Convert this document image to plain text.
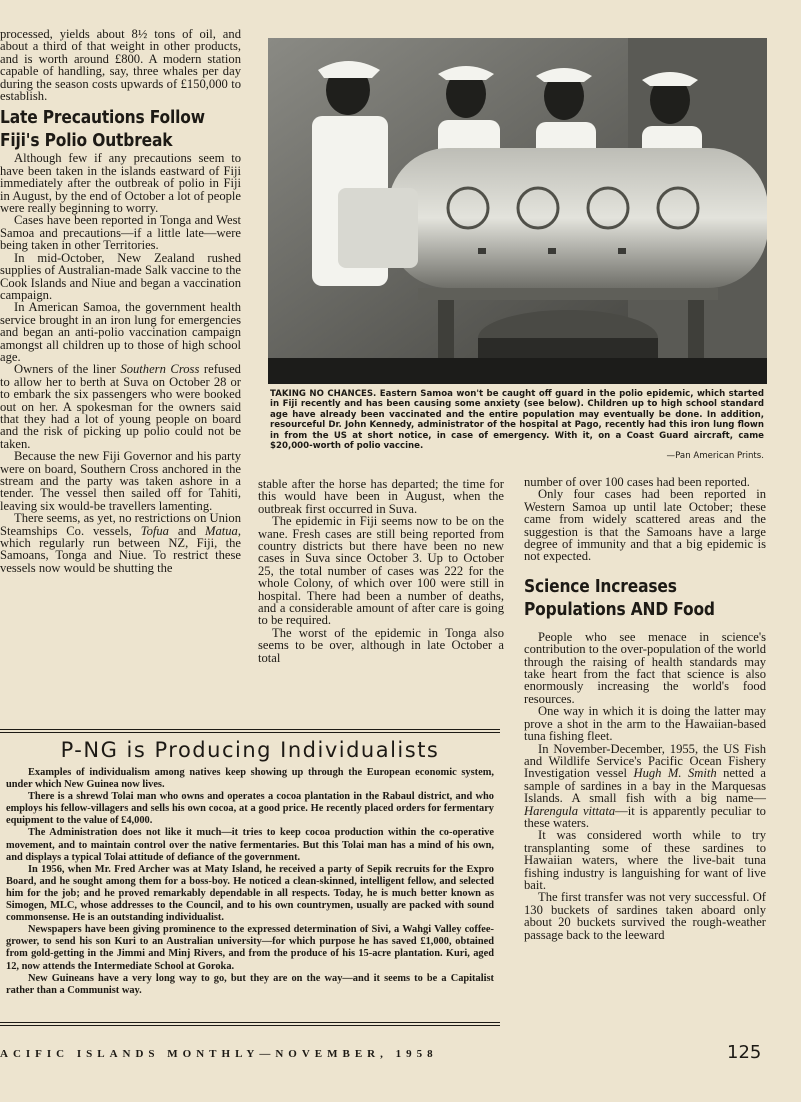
processed, yields about 8½ tons of oil, and about a third of that weight in other products, and is worth around £800. A modern station capable of handling, say, three whales per day during the season costs upwards of £150,000 to establish.

Late Precautions Follow
Fiji's Polio Outbreak

Although few if any precautions seem to have been taken in the islands eastward of Fiji immediately after the outbreak of polio in Fiji in August, by the end of October a lot of people were really beginning to worry.

Cases have been reported in Tonga and West Samoa and precautions—if a little late—were being taken in other Territories.

In mid-October, New Zealand rushed supplies of Australian-made Salk vaccine to the Cook Islands and Niue and began a vaccination campaign.

In American Samoa, the government health service brought in an iron lung for emergencies and began an anti-polio vaccination campaign amongst all children up to those of high school age.

Owners of the liner Southern Cross refused to allow her to berth at Suva on October 28 or to embark the six passengers who were booked out on her. A spokesman for the owners said that they had a lot of young people on board and the risk of picking up polio could not be taken.

Because the new Fiji Governor and his party were on board, Southern Cross anchored in the stream and the party was taken ashore in a tender. The vessel then sailed off for Tahiti, leaving six would-be travellers lamenting.

There seems, as yet, no restrictions on Union Steamships Co. vessels, Tofua and Matua, which regularly run between NZ, Fiji, the Samoans, Tonga and Niue. To restrict these vessels now would be shutting the

TAKING NO CHANCES. Eastern Samoa won't be caught off guard in the polio epidemic, which started in Fiji recently and has been causing some anxiety (see below). Children up to high school standard age have already been vaccinated and the entire population may eventually be done. In addition, resourceful Dr. John Kennedy, administrator of the hospital at Pago, recently had this iron lung flown in from the US at short notice, in case of emergency. With it, on a Coast Guard aircraft, came $20,000-worth of polio vaccine.
—Pan American Prints.

stable after the horse has departed; the time for this would have been in August, when the outbreak first occurred in Suva.

The epidemic in Fiji seems now to be on the wane. Fresh cases are still being reported from country districts but there have been no new cases in Suva since October 3. Up to October 25, the total number of cases was 222 for the whole Colony, of which over 100 were still in hospital. There had been a number of deaths, and a considerable amount of after care is going to be required.

The worst of the epidemic in Tonga also seems to be over, although in late October a total

number of over 100 cases had been reported.

Only four cases had been reported in Western Samoa up until late October; these came from widely scattered areas and the suggestion is that the Samoans have a large degree of immunity and that a big epidemic is not expected.

Science Increases
Populations AND Food

People who see menace in science's contribution to the over-population of the world through the raising of health standards may take heart from the fact that science is also enormously increasing the world's food resources.

One way in which it is doing the latter may prove a shot in the arm to the Hawaiian-based tuna fishing fleet.

In November-December, 1955, the US Fish and Wildlife Service's Pacific Ocean Fishery Investigation vessel Hugh M. Smith netted a sample of sardines in a bay in the Marquesas Islands. A small fish with a big name—Harengula vittata—it is apparently peculiar to these waters.

It was considered worth while to try transplanting some of these sardines to Hawaiian waters, where the live-bait tuna fishing industry is languishing for want of live bait.

The first transfer was not very successful. Of 130 buckets of sardines taken aboard only about 20 buckets survived the rough-weather passage back to the leeward

P-NG is Producing Individualists

Examples of individualism among natives keep showing up through the European economic system, under which New Guinea now lives.

There is a shrewd Tolai man who owns and operates a cocoa plantation in the Rabaul district, and who employs his fellow-villagers and sells his own cocoa, at a good price. He recently placed orders for fermentary equipment to the value of £4,000.

The Administration does not like it much—it tries to keep cocoa production within the co-operative movement, and to maintain control over the native fermentaries. But this Tolai man has a mind of his own, and displays a typical Tolai attitude of defiance of the government.

In 1956, when Mr. Fred Archer was at Maty Island, he received a party of Sepik recruits for the Expro Board, and he sought among them for a boss-boy. He noticed a clean-skinned, intelligent fellow, and selected him for the job; and he proved remarkably dependable in all respects. Today, he is much better known as Simogen, MLC, whose addresses to the Council, and to his own countrymen, usually are packed with sound commonsense. He is an outstanding individualist.

Newspapers have been giving prominence to the expressed determination of Sivi, a Wahgi Valley coffee-grower, to send his son Kuri to an Australian university—for which purpose he has saved £1,000, obtained from gold-getting in the Jimmi and Minj Rivers, and from the produce of his 15-acre plantation. Kuri, aged 12, now attends the Intermediate School at Goroka.

New Guineans have a very long way to go, but they are on the way—and it seems to be a Capitalist rather than a Communist way.

ACIFIC ISLANDS MONTHLY—NOVEMBER, 1958	125
